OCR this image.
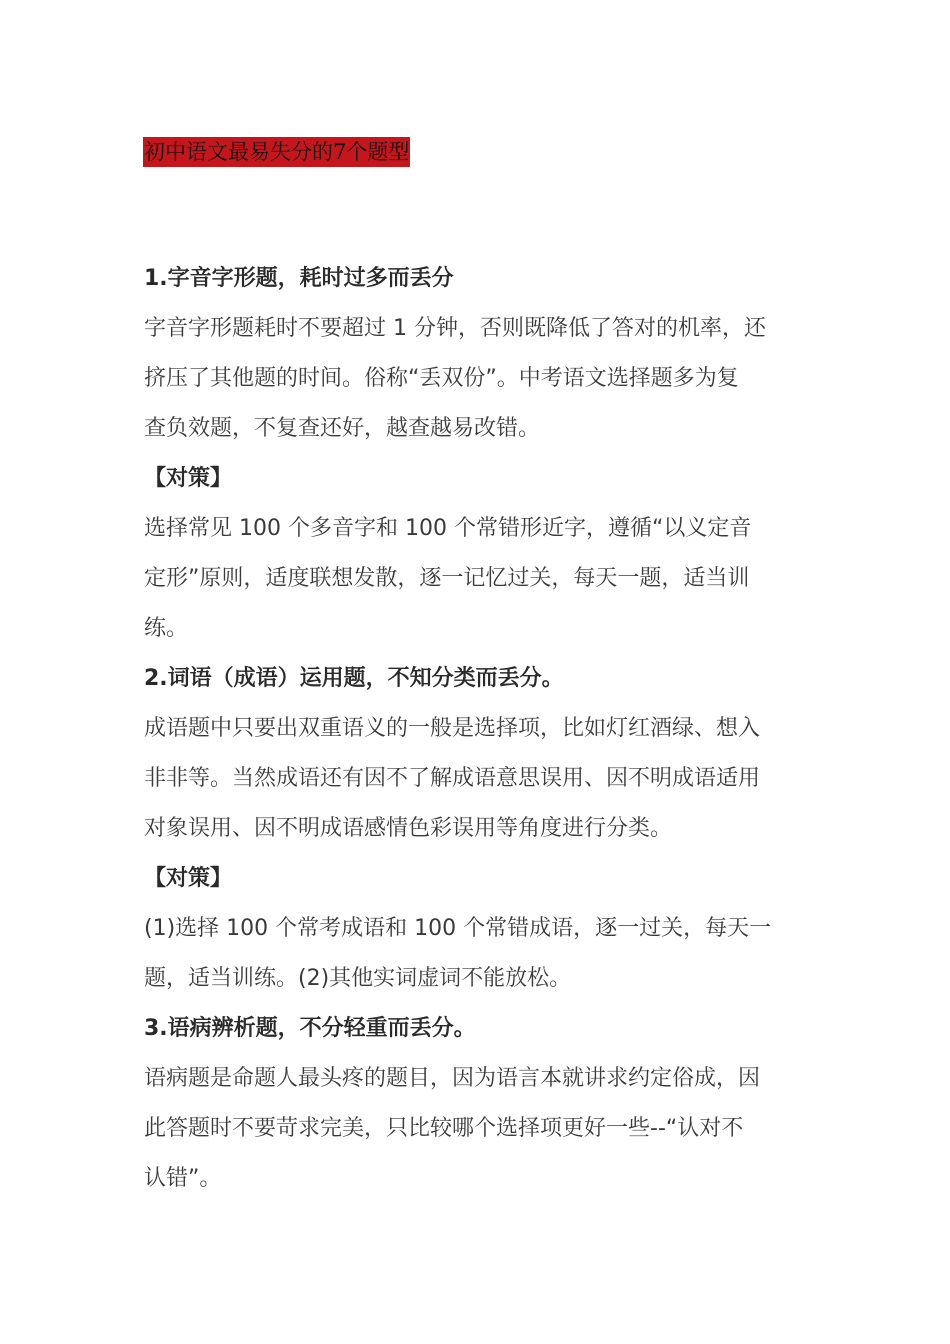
初中语文最易失分的7个题型
1.字音字形题，耗时过多而丢分
字音字形题耗时不要超过 1 分钟，否则既降低了答对的机率，还
挤压了其他题的时间。俗称“丢双份”。中考语文选择题多为复
查负效题，不复查还好，越查越易改错。
【对策】
选择常见 100 个多音字和 100 个常错形近字，遵循“以义定音
定形”原则，适度联想发散，逐一记忆过关，每天一题，适当训
练。
2.词语（成语）运用题，不知分类而丢分。
成语题中只要出双重语义的一般是选择项，比如灯红酒绿、想入
非非等。当然成语还有因不了解成语意思误用、因不明成语适用
对象误用、因不明成语感情色彩误用等角度进行分类。
【对策】
(1)选择 100 个常考成语和 100 个常错成语，逐一过关，每天一
题，适当训练。(2)其他实词虚词不能放松。
3.语病辨析题，不分轻重而丢分。
语病题是命题人最头疼的题目，因为语言本就讲求约定俗成，因
此答题时不要苛求完美，只比较哪个选择项更好一些--“认对不
认错”。
